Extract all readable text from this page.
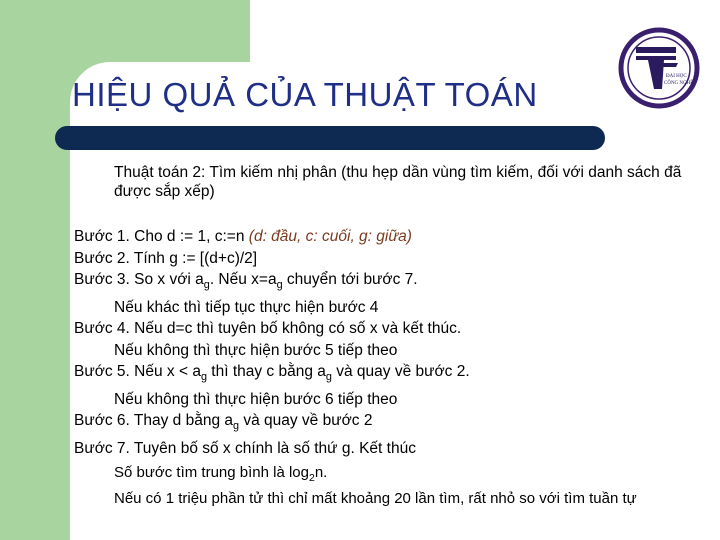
HIỆU QUẢ CỦA THUẬT TOÁN	ĐẠI HỌC
CÔNG NGHỆ
Thuật toán 2: Tìm kiếm nhị phân (thu hẹp dần vùng tìm kiếm, đối với danh sách đã được sắp xếp)
Bước 1. Cho d := 1, c:=n (d: đầu, c: cuối, g: giữa)
Bước 2. Tính g := [(d+c)/2]
Bước 3. So x với $a_g$. Nếu $x=a_g$ chuyển tới bước 7.
Nếu khác thì tiếp tục thực hiện bước 4
Bước 4. Nếu d=c thì tuyên bố không có số x và kết thúc.
Nếu không thì thực hiện bước 5 tiếp theo
Bước 5. Nếu $x < a_g$ thì thay c bằng $a_g$ và quay về bước 2.
Nếu không thì thực hiện bước 6 tiếp theo
Bước 6. Thay d bằng $a_g$ và quay về bước 2
Bước 7. Tuyên bố số x chính là số thứ g. Kết thúc
Số bước tìm trung bình là $\log_2n$.
Nếu có 1 triệu phần tử thì chỉ mất khoảng 20 lần tìm, rất nhỏ so với tìm tuần tự
